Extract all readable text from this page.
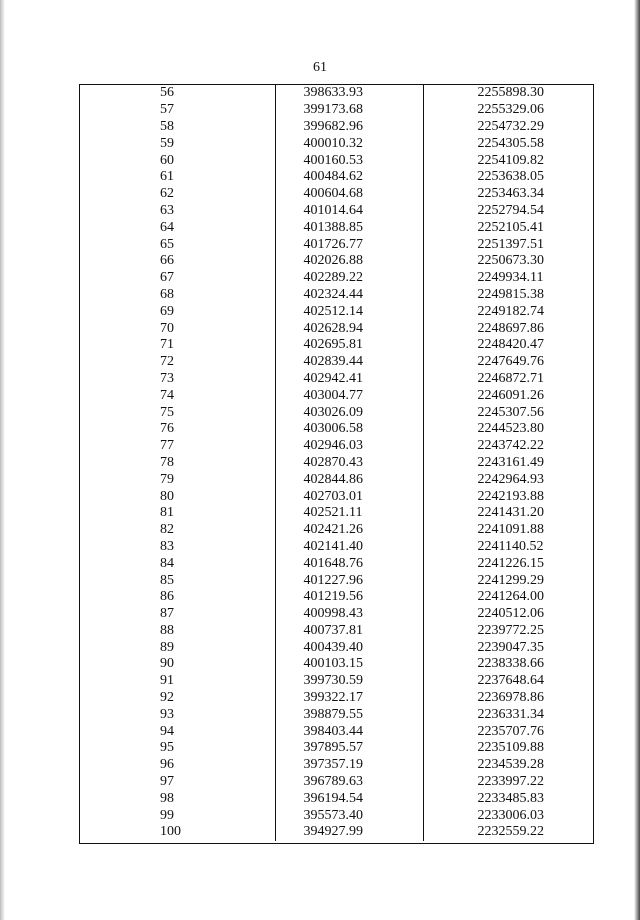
61
56	398633.93	2255898.30
57	399173.68	2255329.06
58	399682.96	2254732.29
59	400010.32	2254305.58
60	400160.53	2254109.82
61	400484.62	2253638.05
62	400604.68	2253463.34
63	401014.64	2252794.54
64	401388.85	2252105.41
65	401726.77	2251397.51
66	402026.88	2250673.30
67	402289.22	2249934.11
68	402324.44	2249815.38
69	402512.14	2249182.74
70	402628.94	2248697.86
71	402695.81	2248420.47
72	402839.44	2247649.76
73	402942.41	2246872.71
74	403004.77	2246091.26
75	403026.09	2245307.56
76	403006.58	2244523.80
77	402946.03	2243742.22
78	402870.43	2243161.49
79	402844.86	2242964.93
80	402703.01	2242193.88
81	402521.11	2241431.20
82	402421.26	2241091.88
83	402141.40	2241140.52
84	401648.76	2241226.15
85	401227.96	2241299.29
86	401219.56	2241264.00
87	400998.43	2240512.06
88	400737.81	2239772.25
89	400439.40	2239047.35
90	400103.15	2238338.66
91	399730.59	2237648.64
92	399322.17	2236978.86
93	398879.55	2236331.34
94	398403.44	2235707.76
95	397895.57	2235109.88
96	397357.19	2234539.28
97	396789.63	2233997.22
98	396194.54	2233485.83
99	395573.40	2233006.03
100	394927.99	2232559.22
